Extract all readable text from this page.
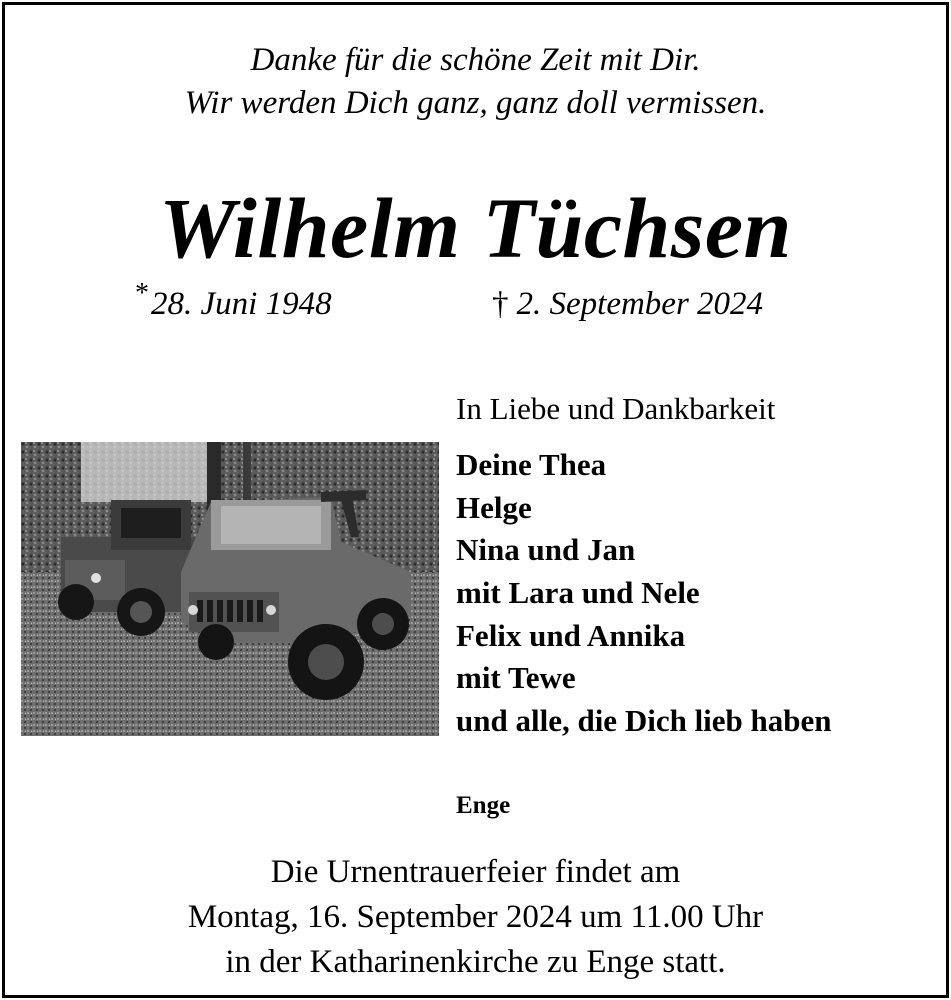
Danke für die schöne Zeit mit Dir.
Wir werden Dich ganz, ganz doll vermissen.
Wilhelm Tüchsen
*28. Juni 1948	† 2. September 2024
In Liebe und Dankbarkeit
Deine Thea
Helge
Nina und Jan
mit Lara und Nele
Felix und Annika
mit Tewe
und alle, die Dich lieb haben
Enge
Die Urnentrauerfeier findet am
Montag, 16. September 2024 um 11.00 Uhr
in der Katharinenkirche zu Enge statt.
